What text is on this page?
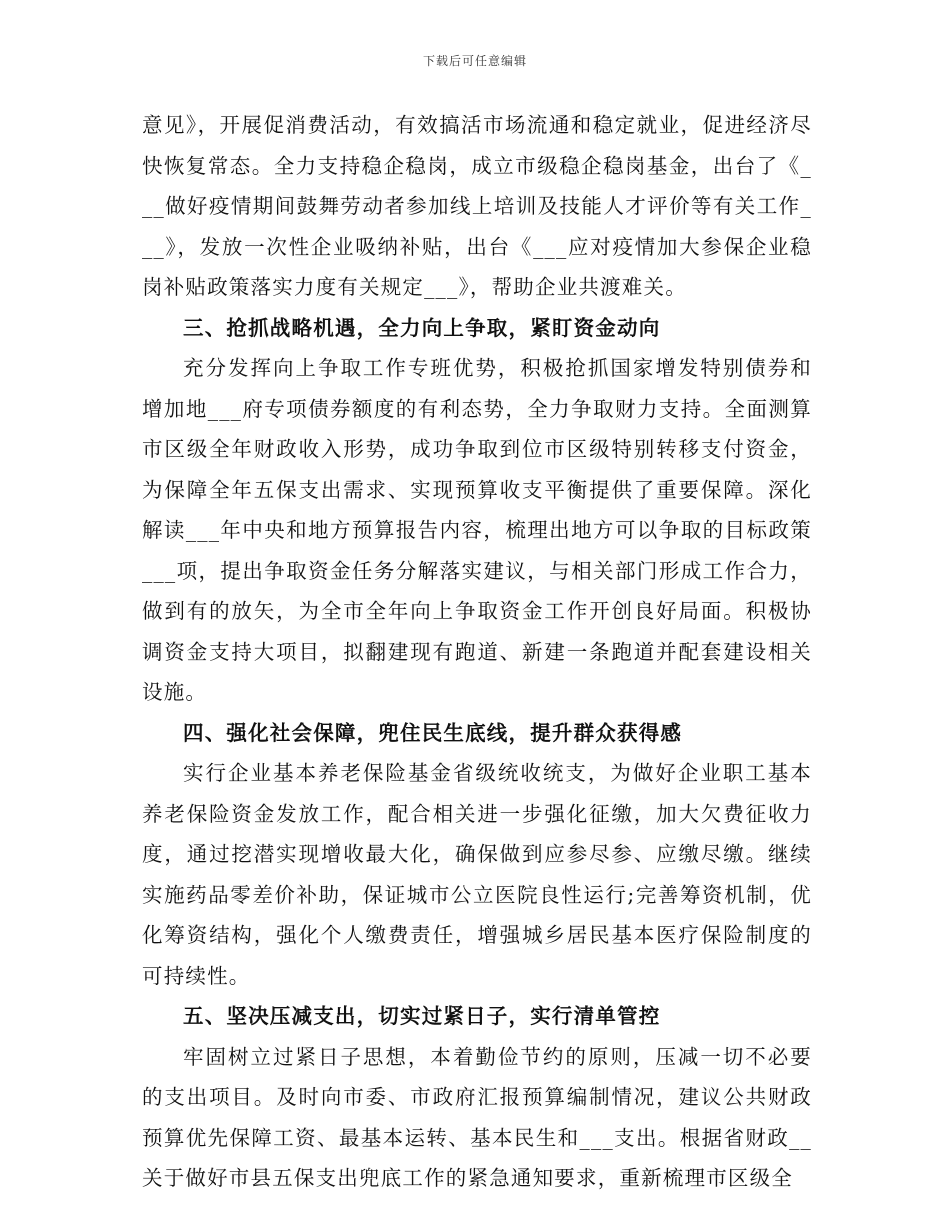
下载后可任意编辑

意见》，开展促消费活动，有效搞活市场流通和稳定就业，促进经济尽快恢复常态。全力支持稳企稳岗，成立市级稳企稳岗基金，出台了《___做好疫情期间鼓舞劳动者参加线上培训及技能人才评价等有关工作___》，发放一次性企业吸纳补贴，出台《___应对疫情加大参保企业稳岗补贴政策落实力度有关规定___》，帮助企业共渡难关。

三、抢抓战略机遇，全力向上争取，紧盯资金动向

充分发挥向上争取工作专班优势，积极抢抓国家增发特别债券和增加地___府专项债券额度的有利态势，全力争取财力支持。全面测算市区级全年财政收入形势，成功争取到位市区级特别转移支付资金，为保障全年五保支出需求、实现预算收支平衡提供了重要保障。深化解读___年中央和地方预算报告内容，梳理出地方可以争取的目标政策___项，提出争取资金任务分解落实建议，与相关部门形成工作合力，做到有的放矢，为全市全年向上争取资金工作开创良好局面。积极协调资金支持大项目，拟翻建现有跑道、新建一条跑道并配套建设相关设施。

四、强化社会保障，兜住民生底线，提升群众获得感

实行企业基本养老保险基金省级统收统支，为做好企业职工基本养老保险资金发放工作，配合相关进一步强化征缴，加大欠费征收力度，通过挖潜实现增收最大化，确保做到应参尽参、应缴尽缴。继续实施药品零差价补助，保证城市公立医院良性运行;完善筹资机制，优化筹资结构，强化个人缴费责任，增强城乡居民基本医疗保险制度的可持续性。

五、坚决压减支出，切实过紧日子，实行清单管控

牢固树立过紧日子思想，本着勤俭节约的原则，压减一切不必要的支出项目。及时向市委、市政府汇报预算编制情况，建议公共财政预算优先保障工资、最基本运转、基本民生和___支出。根据省财政__关于做好市县五保支出兜底工作的紧急通知要求，重新梳理市区级全
